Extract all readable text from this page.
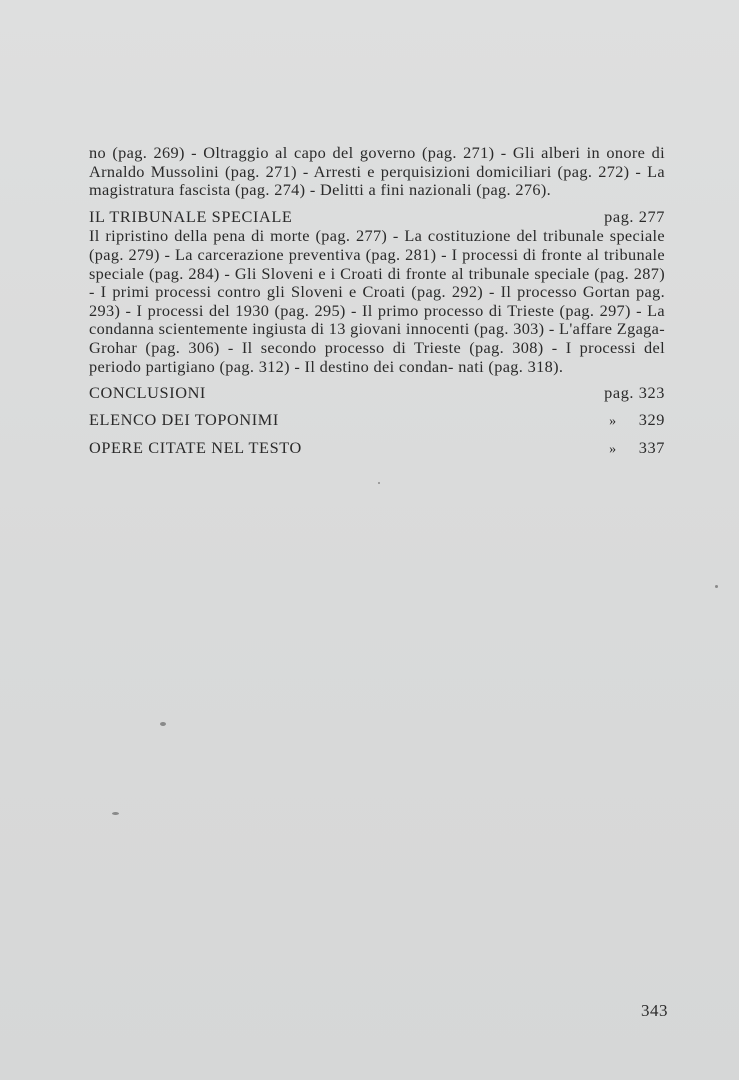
no (pag. 269) - Oltraggio al capo del governo (pag. 271) - Gli alberi in onore di Arnaldo Mussolini (pag. 271) - Arresti e perquisizioni domiciliari (pag. 272) - La magistratura fascista (pag. 274) - Delitti a fini nazionali (pag. 276).

IL TRIBUNALE SPECIALE	pag. 277

Il ripristino della pena di morte (pag. 277) - La costituzione del tribunale speciale (pag. 279) - La carcerazione preventiva (pag. 281) - I processi di fronte al tribunale speciale (pag. 284) - Gli Sloveni e i Croati di fronte al tribunale speciale (pag. 287) - I primi processi contro gli Sloveni e Croati (pag. 292) - Il processo Gortan pag. 293) - I processi del 1930 (pag. 295) - Il primo processo di Trieste (pag. 297) - La condanna scientemente ingiusta di 13 giovani innocenti (pag. 303) - L'affare Zgaga-Grohar (pag. 306) - Il secondo processo di Trieste (pag. 308) - I processi del periodo partigiano (pag. 312) - Il destino dei condan- nati (pag. 318).

CONCLUSIONI	pag. 323
ELENCO DEI TOPONIMI	» 329
OPERE CITATE NEL TESTO	» 337
343
